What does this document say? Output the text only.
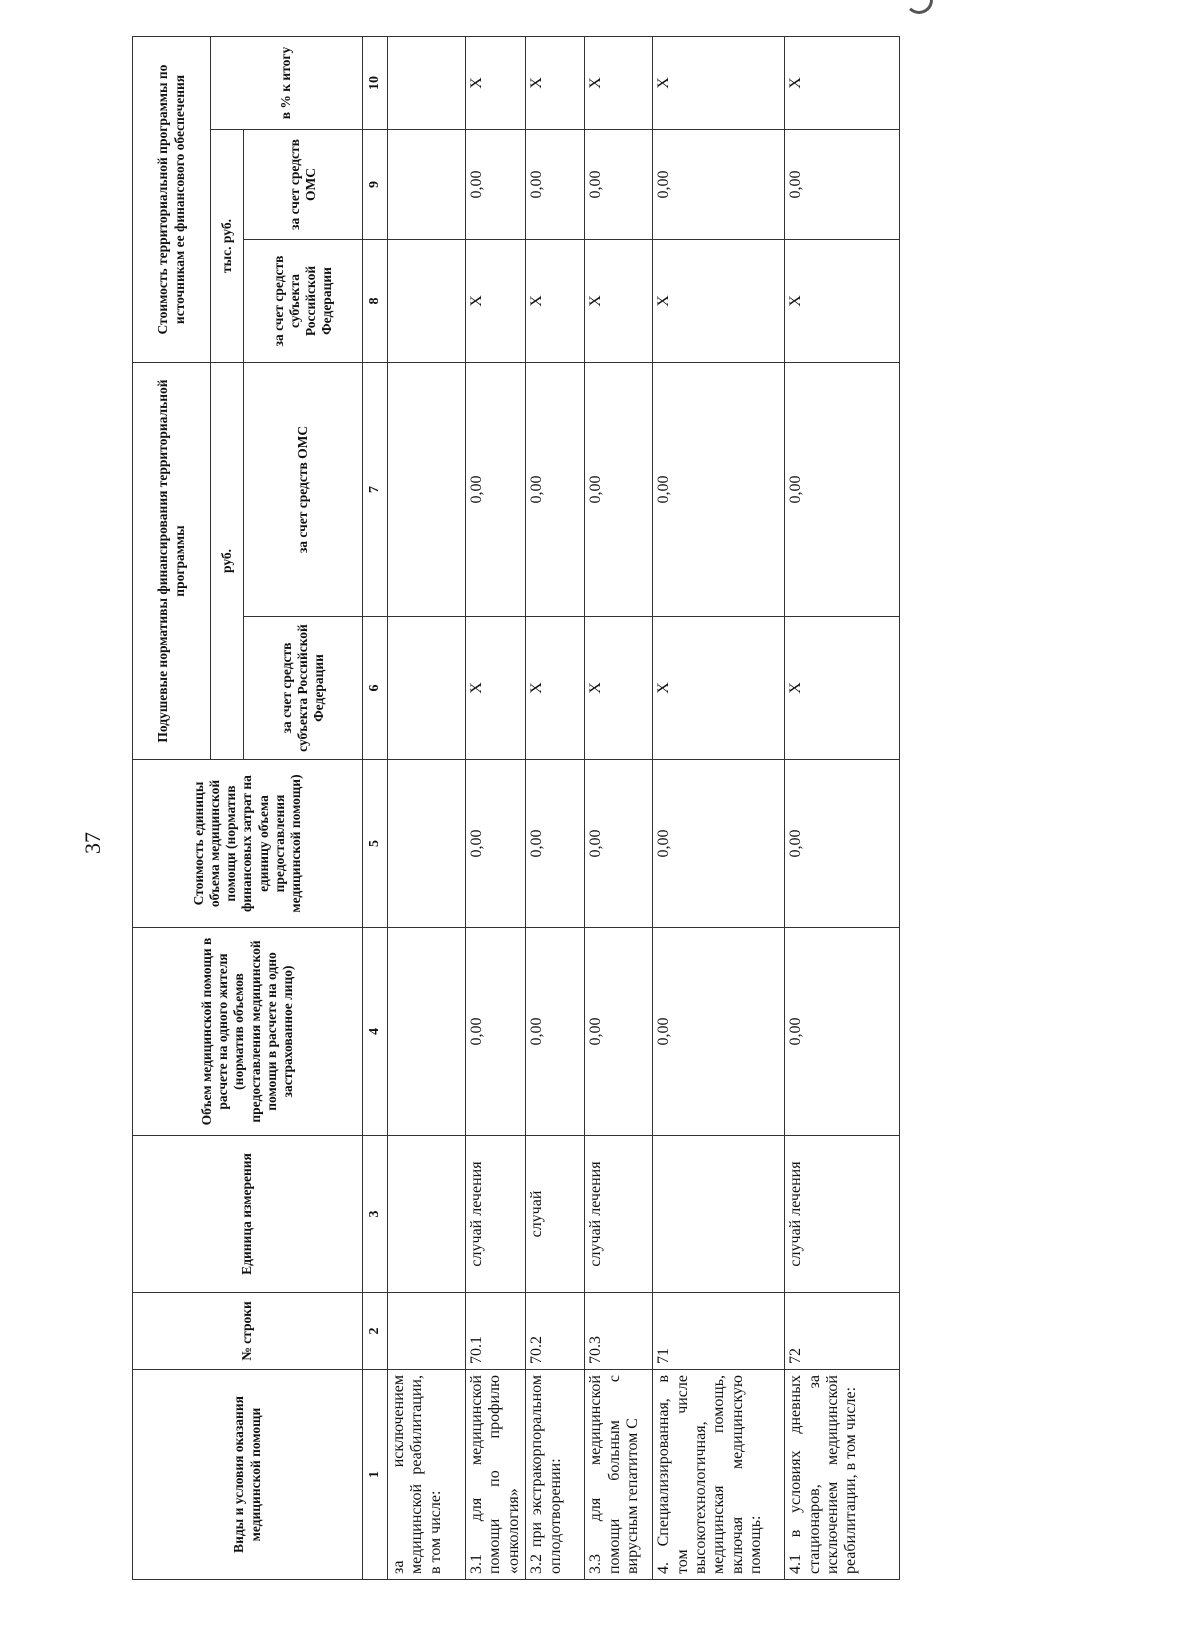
37
Виды и условия оказания медицинской помощи	№ строки	Единица измерения	Объем медицинской помощи в расчете на одного жителя (норматив объемов предоставления медицинской помощи в расчете на одно застрахованное лицо)	Стоимость единицы объема медицинской помощи (норматив финансовых затрат на единицу объема предоставления медицинской помощи)	Подушевые нормативы финансирования территориальной программы		Стоимость территориальной программы по источникам ее финансового обеспечения		
					руб.		тыс. руб.		в % к итогу
					за счет средств субъекта Российской Федерации	за счет средств ОМС	за счет средств субъекта Российской Федерации	за счет средств ОМС	
1	2	3	4	5	6	7	8	9	10
за исключением медицинской реабилитации, в том числе:									
3.1 для медицинской помощи по профилю «онкология»	70.1	случай лечения	0,00	0,00	X	0,00	X	0,00	X
3.2 при экстракорпоральном оплодотворении:	70.2	случай	0,00	0,00	X	0,00	X	0,00	X
3.3 для медицинской помощи больным с вирусным гепатитом С	70.3	случай лечения	0,00	0,00	X	0,00	X	0,00	X
4. Специализированная, в том числе высокотехнологичная, медицинская помощь, включая медицинскую помощь:	71		0,00	0,00	X	0,00	X	0,00	X
4.1 в условиях дневных стационаров, за исключением медицинской реабилитации, в том числе:	72	случай лечения	0,00	0,00	X	0,00	X	0,00	X
